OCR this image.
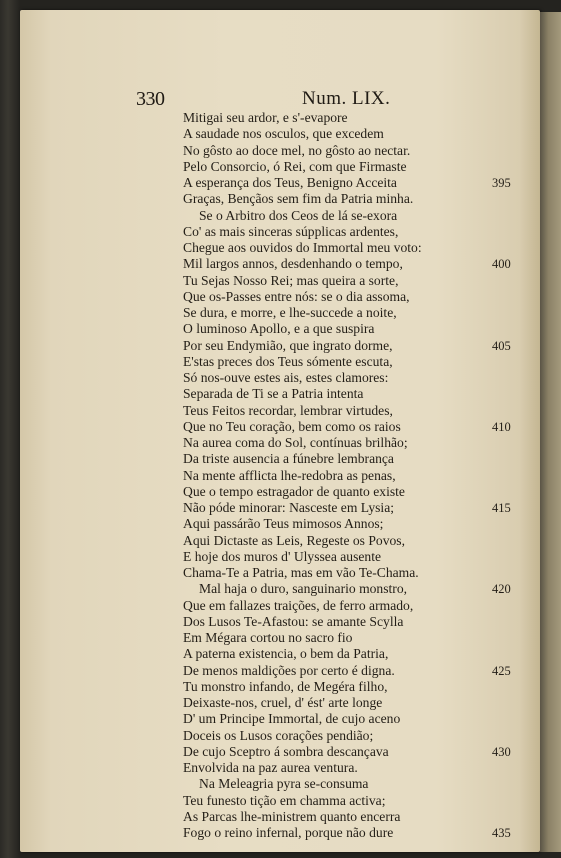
330	Num. LIX.
Mitigai seu ardor, e s'-evapore
A saudade nos osculos, que excedem
No gôsto ao doce mel, no gôsto ao nectar.
Pelo Consorcio, ó Rei, com que Firmaste
A esperança dos Teus, Benigno Acceita
Graças, Bençãos sem fim da Patria minha.
Se o Arbitro dos Ceos de lá se-exora
Co' as mais sinceras súpplicas ardentes,
Chegue aos ouvidos do Immortal meu voto:
Mil largos annos, desdenhando o tempo,
Tu Sejas Nosso Rei; mas queira a sorte,
Que os-Passes entre nós: se o dia assoma,
Se dura, e morre, e lhe-succede a noite,
O luminoso Apollo, e a que suspira
Por seu Endymião, que ingrato dorme,
E'stas preces dos Teus sómente escuta,
Só nos-ouve estes ais, estes clamores:
Separada de Ti se a Patria intenta
Teus Feitos recordar, lembrar virtudes,
Que no Teu coração, bem como os raios
Na aurea coma do Sol, contínuas brilhão;
Da triste ausencia a fúnebre lembrança
Na mente afflicta lhe-redobra as penas,
Que o tempo estragador de quanto existe
Não póde minorar: Nasceste em Lysia;
Aqui passárão Teus mimosos Annos;
Aqui Dictaste as Leis, Regeste os Povos,
E hoje dos muros d' Ulyssea ausente
Chama-Te a Patria, mas em vão Te-Chama.
Mal haja o duro, sanguinario monstro,
Que em fallazes traições, de ferro armado,
Dos Lusos Te-Afastou: se amante Scylla
Em Mégara cortou no sacro fio
A paterna existencia, o bem da Patria,
De menos maldições por certo é digna.
Tu monstro infando, de Megéra filho,
Deixaste-nos, cruel, d' ést' arte longe
D' um Principe Immortal, de cujo aceno
Doceis os Lusos corações pendião;
De cujo Sceptro á sombra descançava
Envolvida na paz aurea ventura.
Na Meleagria pyra se-consuma
Teu funesto tição em chamma activa;
As Parcas lhe-ministrem quanto encerra
Fogo o reino infernal, porque não dure
395
400
405
410
415
420
425
430
435
